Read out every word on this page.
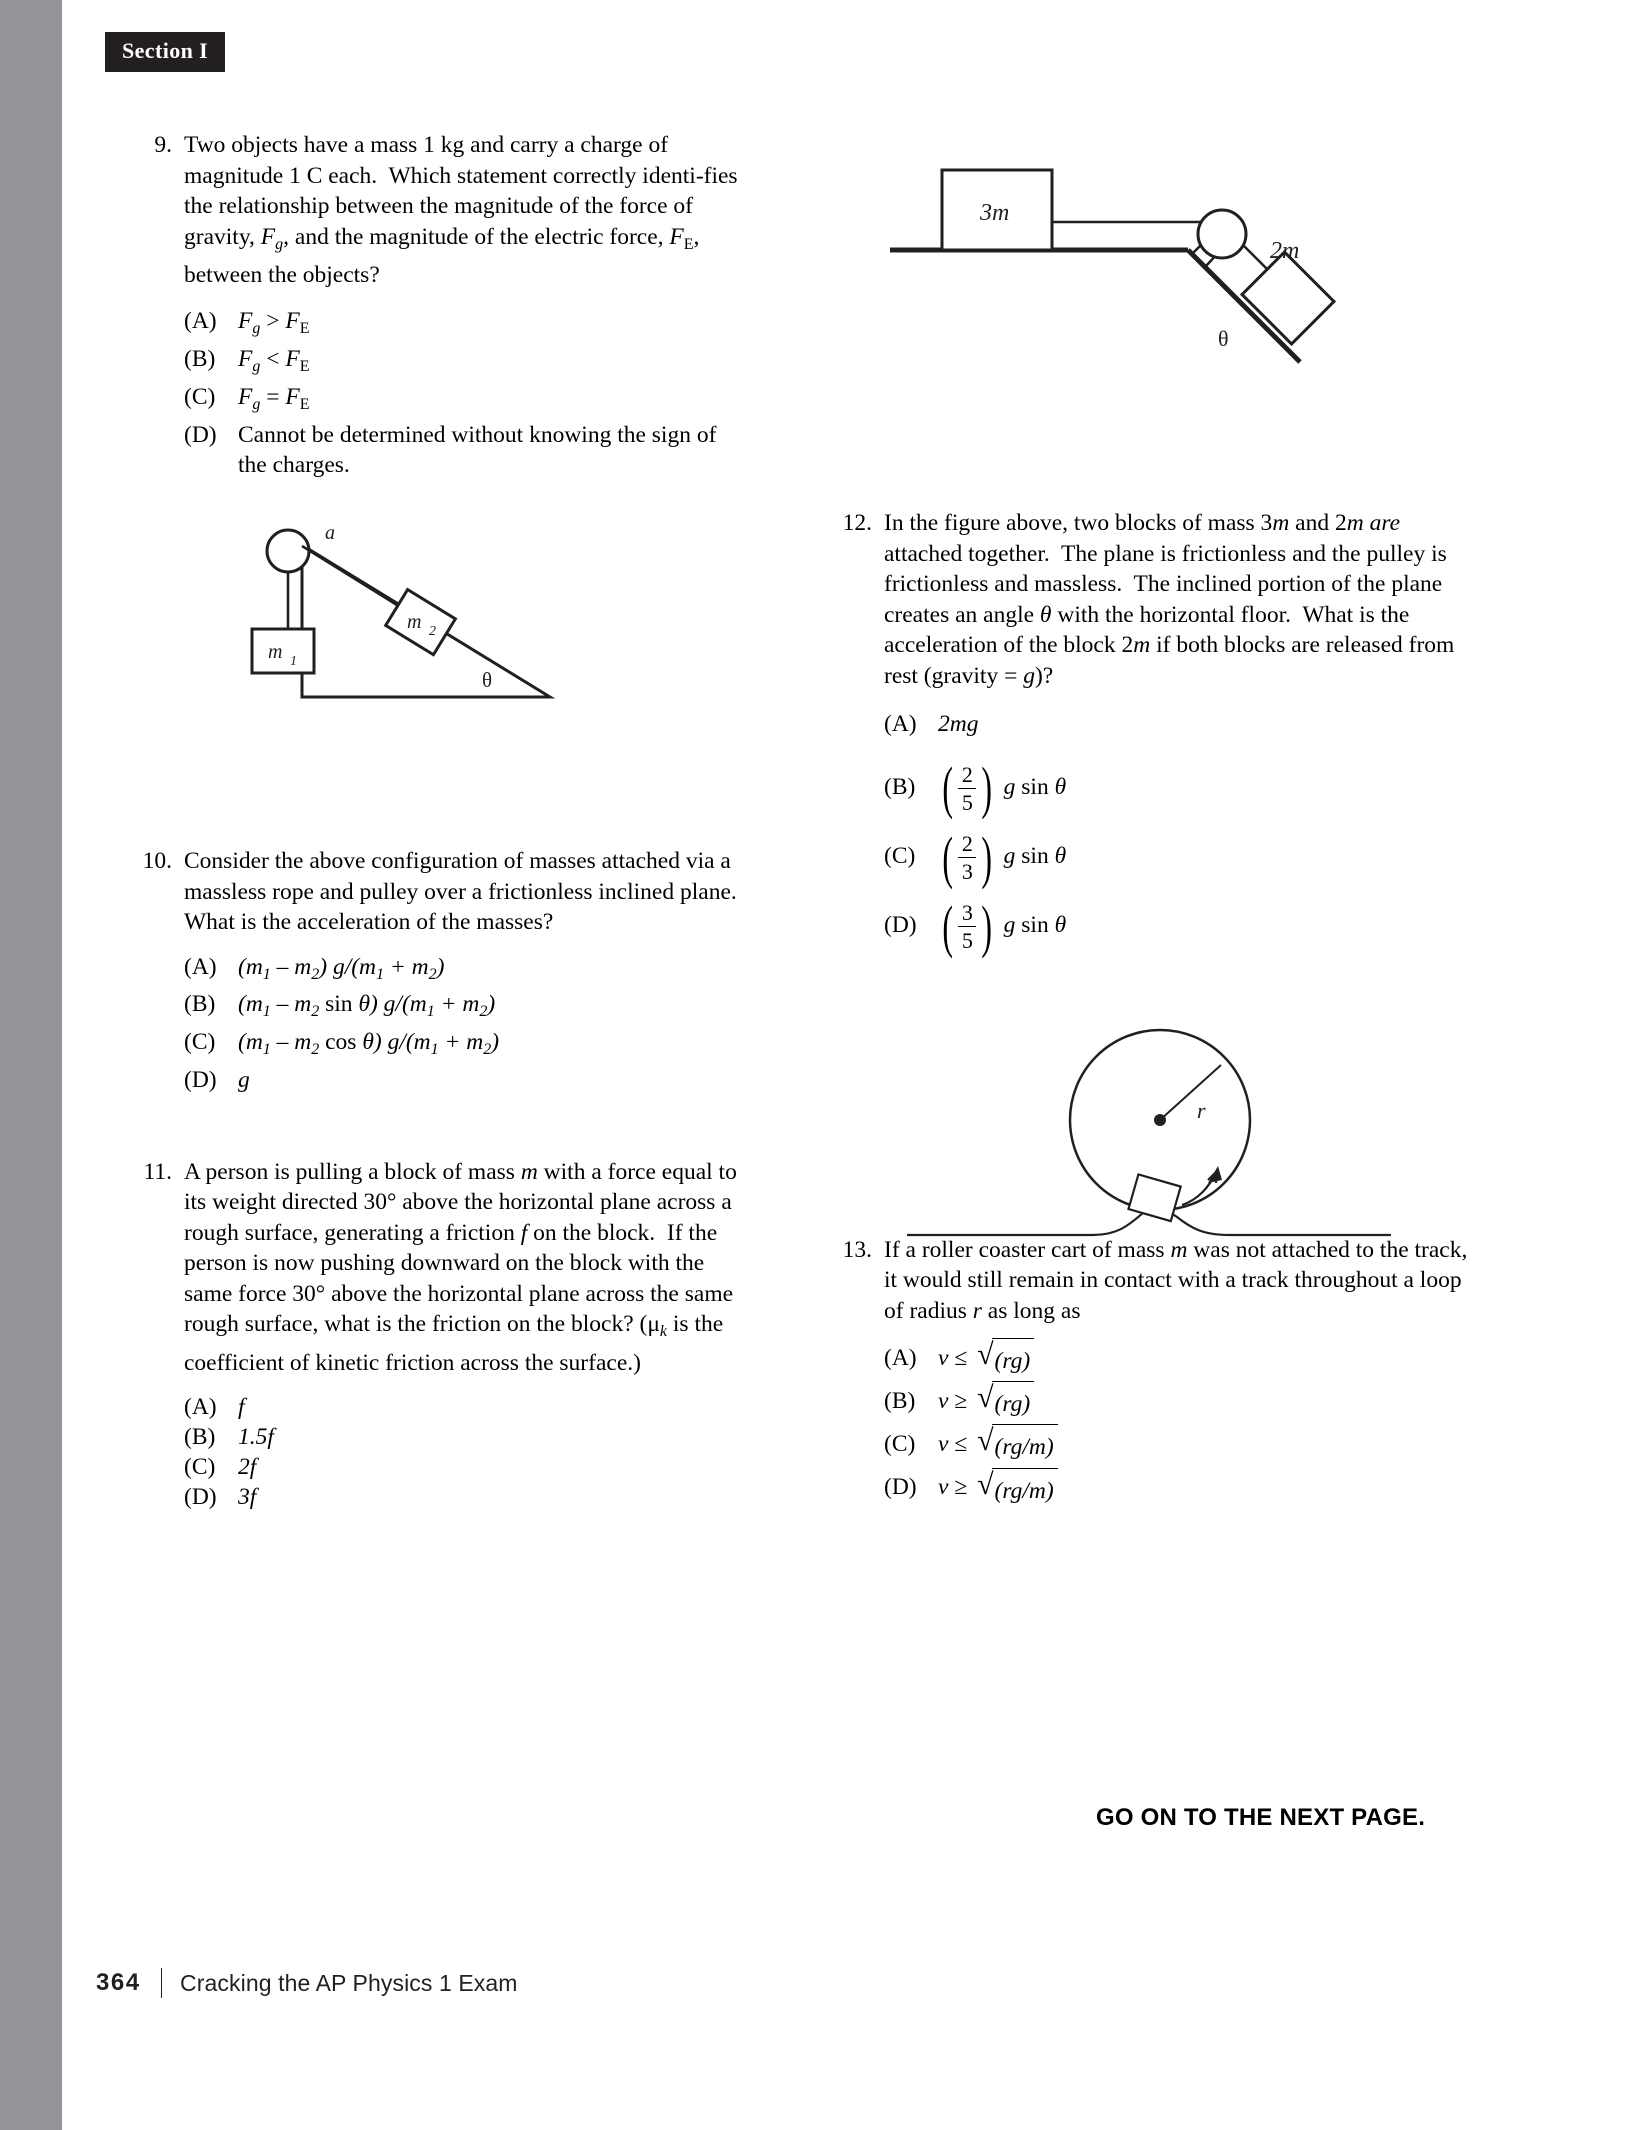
Section I
9. Two objects have a mass 1 kg and carry a charge of magnitude 1 C each.  Which statement correctly identi-fies the relationship between the magnitude of the force of gravity, $F_g$, and the magnitude of the electric force, $F_E$, between the objects?
(A) $F_g > F_E$
(B) $F_g < F_E$
(C) $F_g = F_E$
(D) Cannot be determined without knowing the sign of
the charges.
10. Consider the above configuration of masses attached via a massless rope and pulley over a frictionless inclined plane. What is the acceleration of the masses?
(A) $(m_1 - m_2) g/(m_1 + m_2)$
(B) ($m_1 - m_2$ sin θ) $g/(m_1 + m_2)$
(C) ($m_1 - m_2$ cos θ) $g/(m_1 + m_2)$
(D) g
11. A person is pulling a block of mass m with a force equal to its weight directed 30° above the horizontal plane across a rough surface, generating a friction f on the block.  If the person is now pushing downward on the block with the same force 30° above the horizontal plane across the same rough surface, what is the friction on the block? ($\mu_k$ is the coefficient of kinetic friction across the surface.)
(A) f
(B) 1.5f
(C) 2f
(D) 3f
a
m 1
m 2
θ
3m
2m
θ
12. In the figure above, two blocks of mass 3m and 2m are attached together.  The plane is frictionless and the pulley is frictionless and massless.  The inclined portion of the plane creates an angle θ with the horizontal floor.  What is the acceleration of the block 2m if both blocks are released from rest (gravity = g)?
(A) 2mg
(B) ( $\frac{2}{5}$ ) g sin θ
(C) ( $\frac{2}{3}$ ) g sin θ
(D) ( $\frac{3}{5}$ ) g sin θ
13. If a roller coaster cart of mass m was not attached to the track, it would still remain in contact with a track throughout a loop of radius r as long as
(A) v ≤ √ (rg)
(B) v ≥ √ (rg)
(C) v ≤ √ (rg/m)
(D) v ≥ √ (rg/m)
r
GO ON TO THE NEXT PAGE.
364 Cracking the AP Physics 1 Exam
